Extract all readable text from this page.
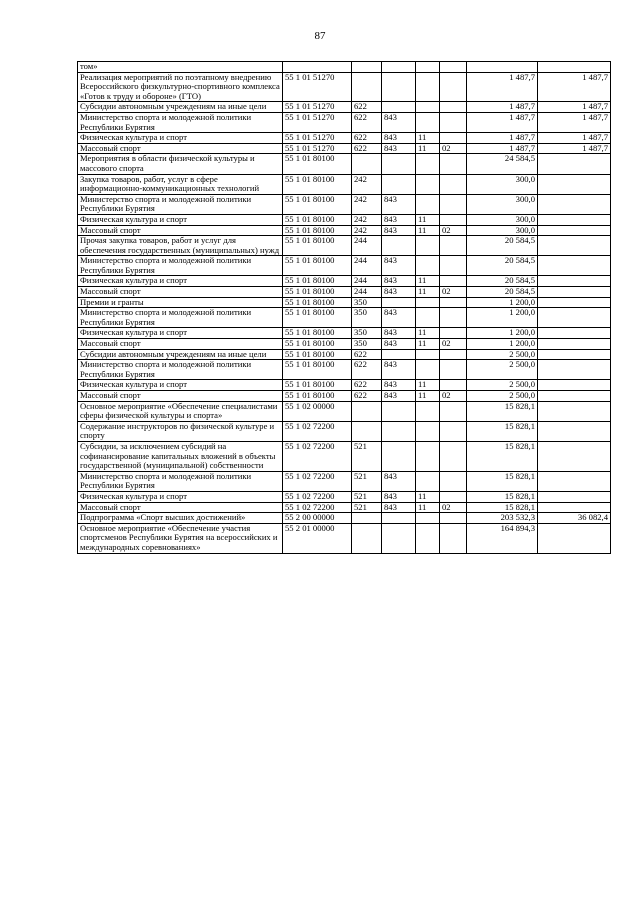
87
том»							
Реализация мероприятий по поэтапному внедрению Всероссийского физкультурно-спортивного комплекса «Готов к труду и обороне» (ГТО)	55 1 01 51270					1 487,7	1 487,7
Субсидии автономным учреждениям на иные цели	55 1 01 51270	622				1 487,7	1 487,7
Министерство спорта и молодежной политики Республики Бурятия	55 1 01 51270	622	843			1 487,7	1 487,7
Физическая культура и спорт	55 1 01 51270	622	843	11		1 487,7	1 487,7
Массовый спорт	55 1 01 51270	622	843	11	02	1 487,7	1 487,7
Мероприятия в области физической культуры и массового спорта	55 1 01 80100					24 584,5	
Закупка товаров, работ, услуг в сфере информационно-коммуникационных технологий	55 1 01 80100	242				300,0	
Министерство спорта и молодежной политики Республики Бурятия	55 1 01 80100	242	843			300,0	
Физическая культура и спорт	55 1 01 80100	242	843	11		300,0	
Массовый спорт	55 1 01 80100	242	843	11	02	300,0	
Прочая закупка товаров, работ и услуг для обеспечения государственных (муниципальных) нужд	55 1 01 80100	244				20 584,5	
Министерство спорта и молодежной политики Республики Бурятия	55 1 01 80100	244	843			20 584,5	
Физическая культура и спорт	55 1 01 80100	244	843	11		20 584,5	
Массовый спорт	55 1 01 80100	244	843	11	02	20 584,5	
Премии и гранты	55 1 01 80100	350				1 200,0	
Министерство спорта и молодежной политики Республики Бурятия	55 1 01 80100	350	843			1 200,0	
Физическая культура и спорт	55 1 01 80100	350	843	11		1 200,0	
Массовый спорт	55 1 01 80100	350	843	11	02	1 200,0	
Субсидии автономным учреждениям на иные цели	55 1 01 80100	622				2 500,0	
Министерство спорта и молодежной политики Республики Бурятия	55 1 01 80100	622	843			2 500,0	
Физическая культура и спорт	55 1 01 80100	622	843	11		2 500,0	
Массовый спорт	55 1 01 80100	622	843	11	02	2 500,0	
Основное мероприятие «Обеспечение специалистами сферы физической культуры и спорта»	55 1 02 00000					15 828,1	
Содержание инструкторов по физической культуре и спорту	55 1 02 72200					15 828,1	
Субсидии, за исключением субсидий на софинансирование капитальных вложений в объекты государственной (муниципальной) собственности	55 1 02 72200	521				15 828,1	
Министерство спорта и молодежной политики Республики Бурятия	55 1 02 72200	521	843			15 828,1	
Физическая культура и спорт	55 1 02 72200	521	843	11		15 828,1	
Массовый спорт	55 1 02 72200	521	843	11	02	15 828,1	
Подпрограмма «Спорт высших достижений»	55 2 00 00000					203 532,3	36 082,4
Основное мероприятие «Обеспечение участия спортсменов Республики Бурятия на всероссийских и международных соревнованиях»	55 2 01 00000					164 894,3	
